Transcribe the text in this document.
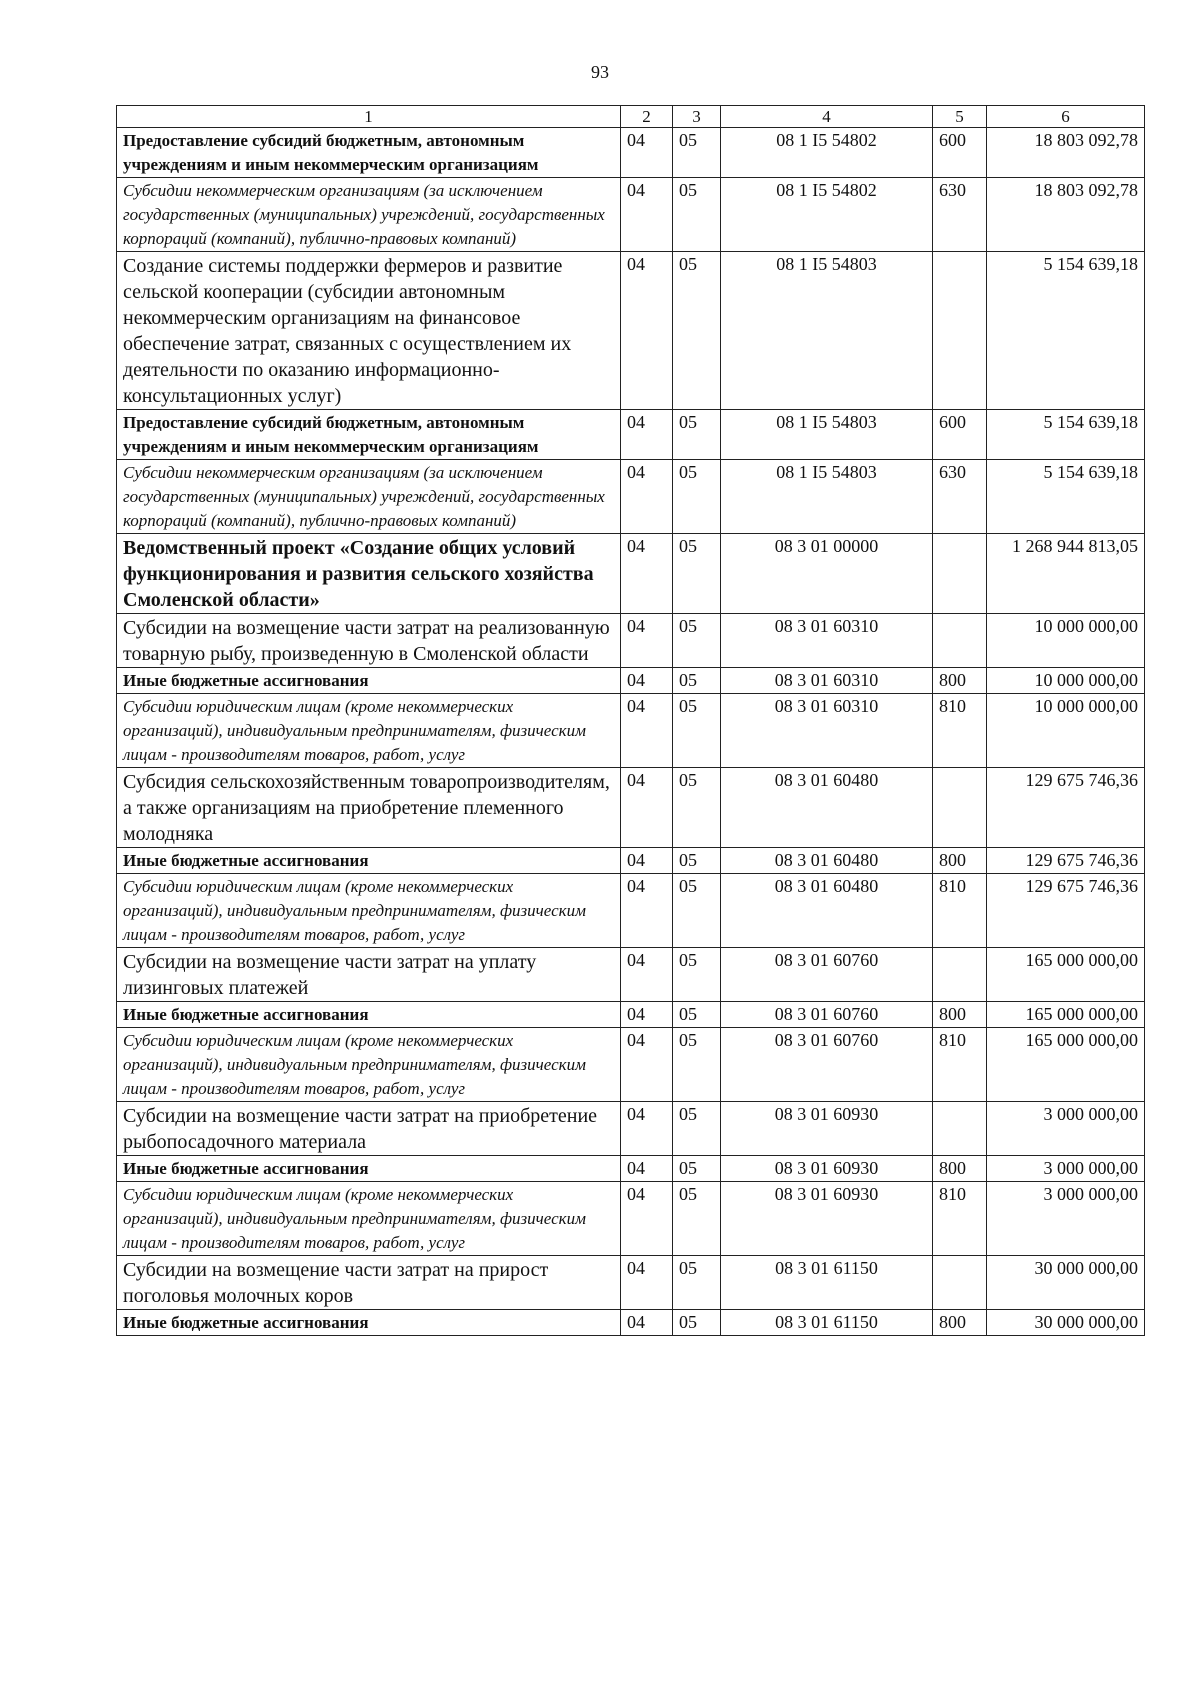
93
1	2	3	4	5	6
Предоставление субсидий бюджетным, автономным учреждениям и иным некоммерческим организациям	04	05	08 1 I5 54802	600	18 803 092,78
Субсидии некоммерческим организациям (за исключением государственных (муниципальных) учреждений, государственных корпораций (компаний), публично-правовых компаний)	04	05	08 1 I5 54802	630	18 803 092,78
Создание системы поддержки фермеров и развитие сельской кооперации (субсидии автономным некоммерческим организациям на финансовое обеспечение затрат, связанных с осуществлением их деятельности по оказанию информационно-консультационных услуг)	04	05	08 1 I5 54803		5 154 639,18
Предоставление субсидий бюджетным, автономным учреждениям и иным некоммерческим организациям	04	05	08 1 I5 54803	600	5 154 639,18
Субсидии некоммерческим организациям (за исключением государственных (муниципальных) учреждений, государственных корпораций (компаний), публично-правовых компаний)	04	05	08 1 I5 54803	630	5 154 639,18
Ведомственный проект «Создание общих условий функционирования и развития сельского хозяйства Смоленской области»	04	05	08 3 01 00000		1 268 944 813,05
Субсидии на возмещение части затрат на реализованную товарную рыбу, произведенную в Смоленской области	04	05	08 3 01 60310		10 000 000,00
Иные бюджетные ассигнования	04	05	08 3 01 60310	800	10 000 000,00
Субсидии юридическим лицам (кроме некоммерческих организаций), индивидуальным предпринимателям, физическим лицам - производителям товаров, работ, услуг	04	05	08 3 01 60310	810	10 000 000,00
Субсидия сельскохозяйственным товаропроизводителям, а также организациям на приобретение племенного молодняка	04	05	08 3 01 60480		129 675 746,36
Иные бюджетные ассигнования	04	05	08 3 01 60480	800	129 675 746,36
Субсидии юридическим лицам (кроме некоммерческих организаций), индивидуальным предпринимателям, физическим лицам - производителям товаров, работ, услуг	04	05	08 3 01 60480	810	129 675 746,36
Субсидии на возмещение части затрат на уплату лизинговых платежей	04	05	08 3 01 60760		165 000 000,00
Иные бюджетные ассигнования	04	05	08 3 01 60760	800	165 000 000,00
Субсидии юридическим лицам (кроме некоммерческих организаций), индивидуальным предпринимателям, физическим лицам - производителям товаров, работ, услуг	04	05	08 3 01 60760	810	165 000 000,00
Субсидии на возмещение части затрат на приобретение рыбопосадочного материала	04	05	08 3 01 60930		3 000 000,00
Иные бюджетные ассигнования	04	05	08 3 01 60930	800	3 000 000,00
Субсидии юридическим лицам (кроме некоммерческих организаций), индивидуальным предпринимателям, физическим лицам - производителям товаров, работ, услуг	04	05	08 3 01 60930	810	3 000 000,00
Субсидии на возмещение части затрат на прирост поголовья молочных коров	04	05	08 3 01 61150		30 000 000,00
Иные бюджетные ассигнования	04	05	08 3 01 61150	800	30 000 000,00
